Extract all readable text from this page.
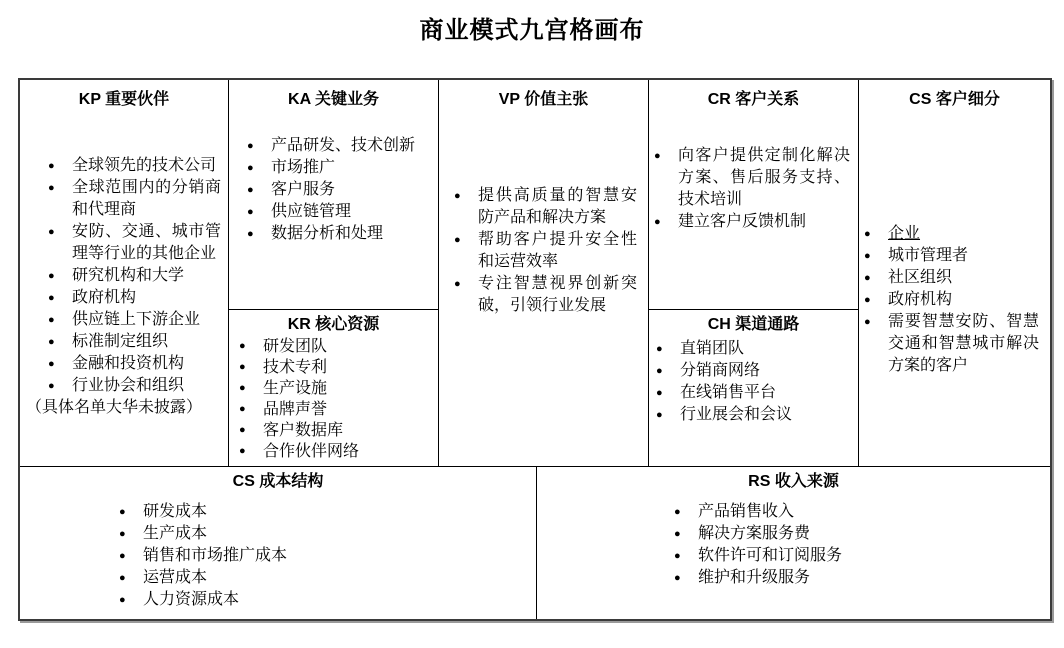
商业模式九宫格画布
KP 重要伙伴
●	全球领先的技术公司
●	全球范围内的分销商和代理商
●	安防、交通、城市管理等行业的其他企业
●	研究机构和大学
●	政府机构
●	供应链上下游企业
●	标准制定组织
●	金融和投资机构
●	行业协会和组织
（具体名单大华未披露）
KA 关键业务
●	产品研发、技术创新
●	市场推广
●	客户服务
●	供应链管理
●	数据分析和处理
VP 价值主张
●	提供高质量的智慧安防产品和解决方案
●	帮助客户提升安全性和运营效率
●	专注智慧视界创新突破，引领行业发展
CR 客户关系
●	向客户提供定制化解决方案、售后服务支持、技术培训
●	建立客户反馈机制
CS 客户细分
●	企业
●	城市管理者
●	社区组织
●	政府机构
●	需要智慧安防、智慧交通和智慧城市解决方案的客户
KR 核心资源
●	研发团队
●	技术专利
●	生产设施
●	品牌声誉
●	客户数据库
●	合作伙伴网络
CH 渠道通路
●	直销团队
●	分销商网络
●	在线销售平台
●	行业展会和会议
CS 成本结构
●	研发成本
●	生产成本
●	销售和市场推广成本
●	运营成本
●	人力资源成本
RS 收入来源
●	产品销售收入
●	解决方案服务费
●	软件许可和订阅服务
●	维护和升级服务
